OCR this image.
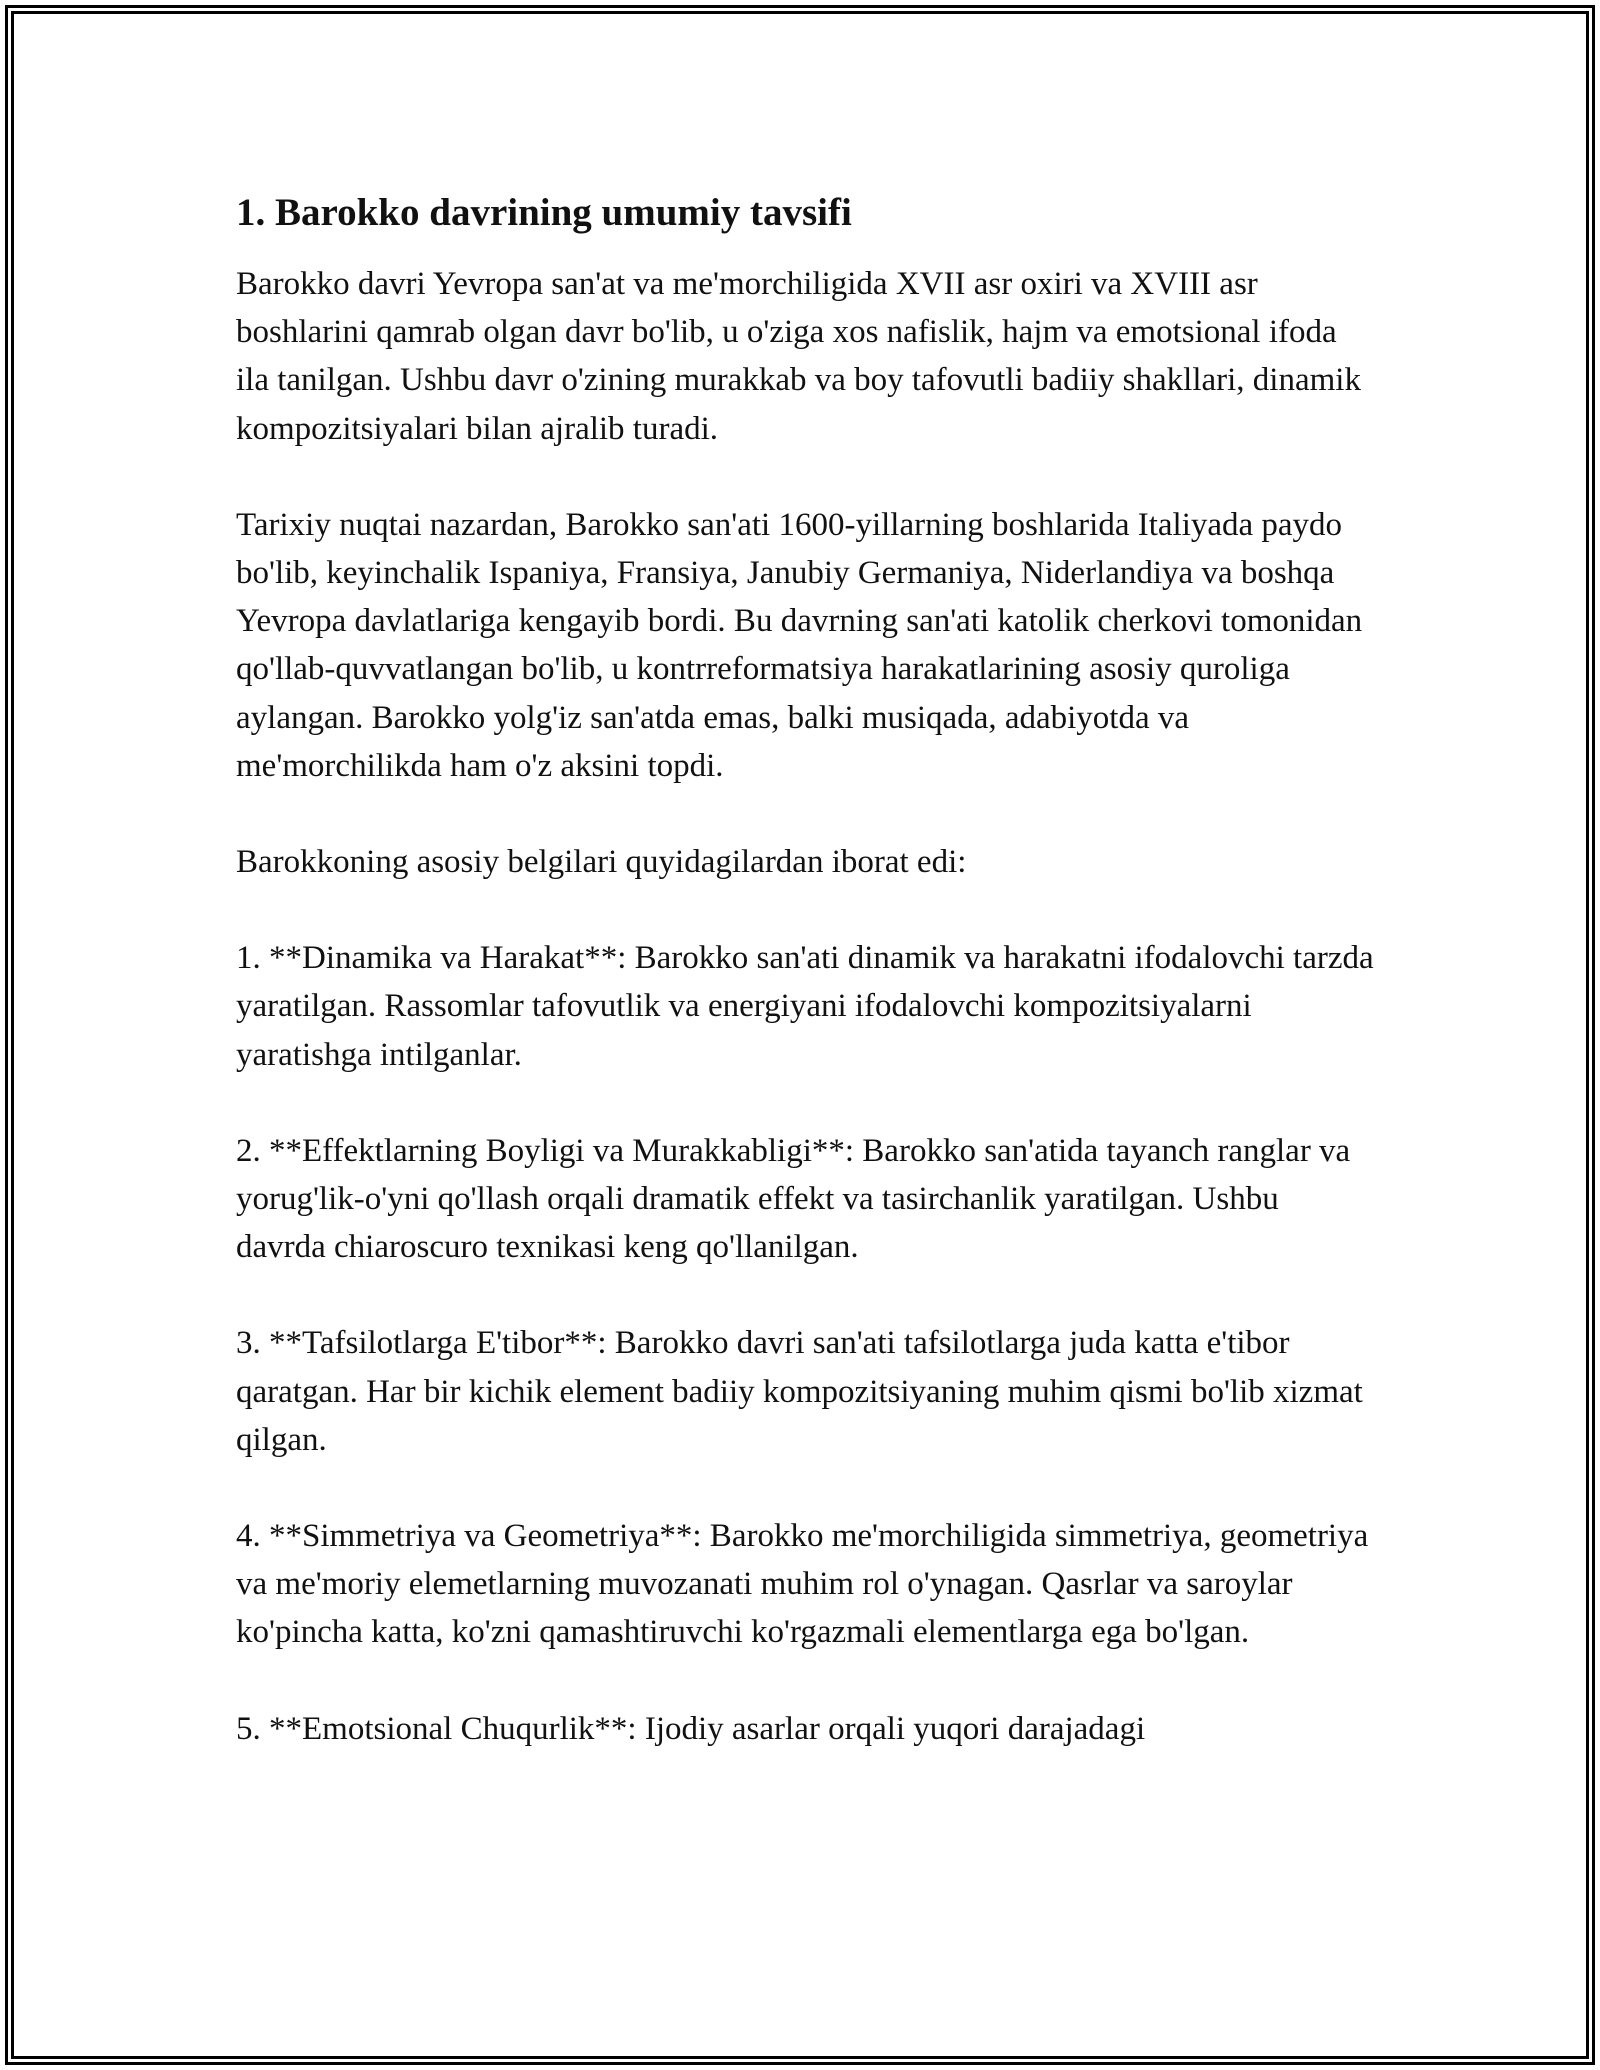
1. Barokko davrining umumiy tavsifi

Barokko davri Yevropa san'at va me'morchiligida XVII asr oxiri va XVIII asr boshlarini qamrab olgan davr bo'lib, u o'ziga xos nafislik, hajm va emotsional ifoda ila tanilgan. Ushbu davr o'zining murakkab va boy tafovutli badiiy shakllari, dinamik kompozitsiyalari bilan ajralib turadi.

Tarixiy nuqtai nazardan, Barokko san'ati 1600-yillarning boshlarida Italiyada paydo bo'lib, keyinchalik Ispaniya, Fransiya, Janubiy Germaniya, Niderlandiya va boshqa Yevropa davlatlariga kengayib bordi. Bu davrning san'ati katolik cherkovi tomonidan qo'llab-quvvatlangan bo'lib, u kontrreformatsiya harakatlarining asosiy quroliga aylangan. Barokko yolg'iz san'atda emas, balki musiqada, adabiyotda va me'morchilikda ham o'z aksini topdi.

Barokkoning asosiy belgilari quyidagilardan iborat edi:

1. **Dinamika va Harakat**: Barokko san'ati dinamik va harakatni ifodalovchi tarzda yaratilgan. Rassomlar tafovutlik va energiyani ifodalovchi kompozitsiyalarni yaratishga intilganlar.

2. **Effektlarning Boyligi va Murakkabligi**: Barokko san'atida tayanch ranglar va yorug'lik-o'yni qo'llash orqali dramatik effekt va tasirchanlik yaratilgan. Ushbu davrda chiaroscuro texnikasi keng qo'llanilgan.

3. **Tafsilotlarga E'tibor**: Barokko davri san'ati tafsilotlarga juda katta e'tibor qaratgan. Har bir kichik element badiiy kompozitsiyaning muhim qismi bo'lib xizmat qilgan.

4. **Simmetriya va Geometriya**: Barokko me'morchiligida simmetriya, geometriya va me'moriy elemetlarning muvozanati muhim rol o'ynagan. Qasrlar va saroylar ko'pincha katta, ko'zni qamashtiruvchi ko'rgazmali elementlarga ega bo'lgan.

5. **Emotsional Chuqurlik**: Ijodiy asarlar orqali yuqori darajadagi
